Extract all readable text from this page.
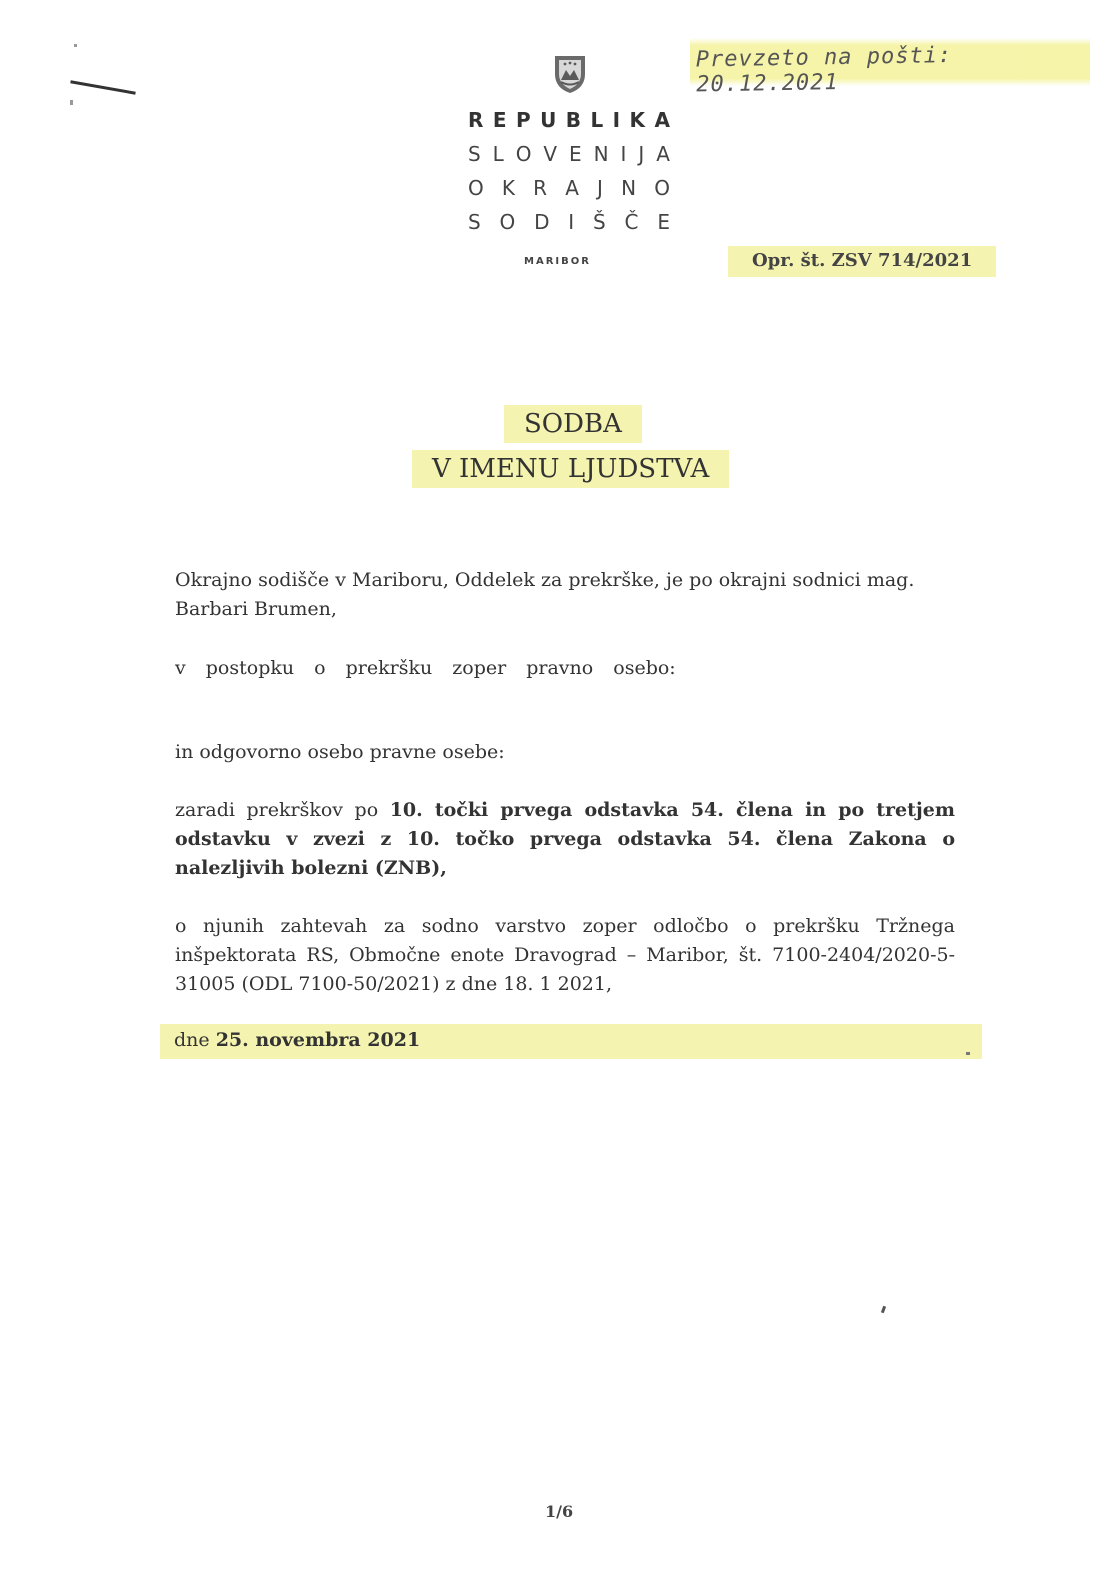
Prevzeto na pošti: 20.12.2021
R E P U B L I K A
S L O V E N I J A
O K R A J N O
S O D I Š Č E
MARIBOR	Opr. št. ZSV 714/2021
SODBA
V IMENU LJUDSTVA
Okrajno sodišče v Mariboru, Oddelek za prekrške, je po okrajni sodnici mag. Barbari Brumen,
v postopku o prekršku zoper pravno osebo:
in odgovorno osebo pravne osebe:
zaradi prekrškov po 10. točki prvega odstavka 54. člena in po tretjem odstavku v zvezi z 10. točko prvega odstavka 54. člena Zakona o nalezljivih bolezni (ZNB),
o njunih zahtevah za sodno varstvo zoper odločbo o prekršku Tržnega inšpektorata RS, Območne enote Dravograd – Maribor, št. 7100-2404/2020-5-31005 (ODL 7100-50/2021) z dne 18. 1 2021,
dne 25. novembra 2021
1/6
